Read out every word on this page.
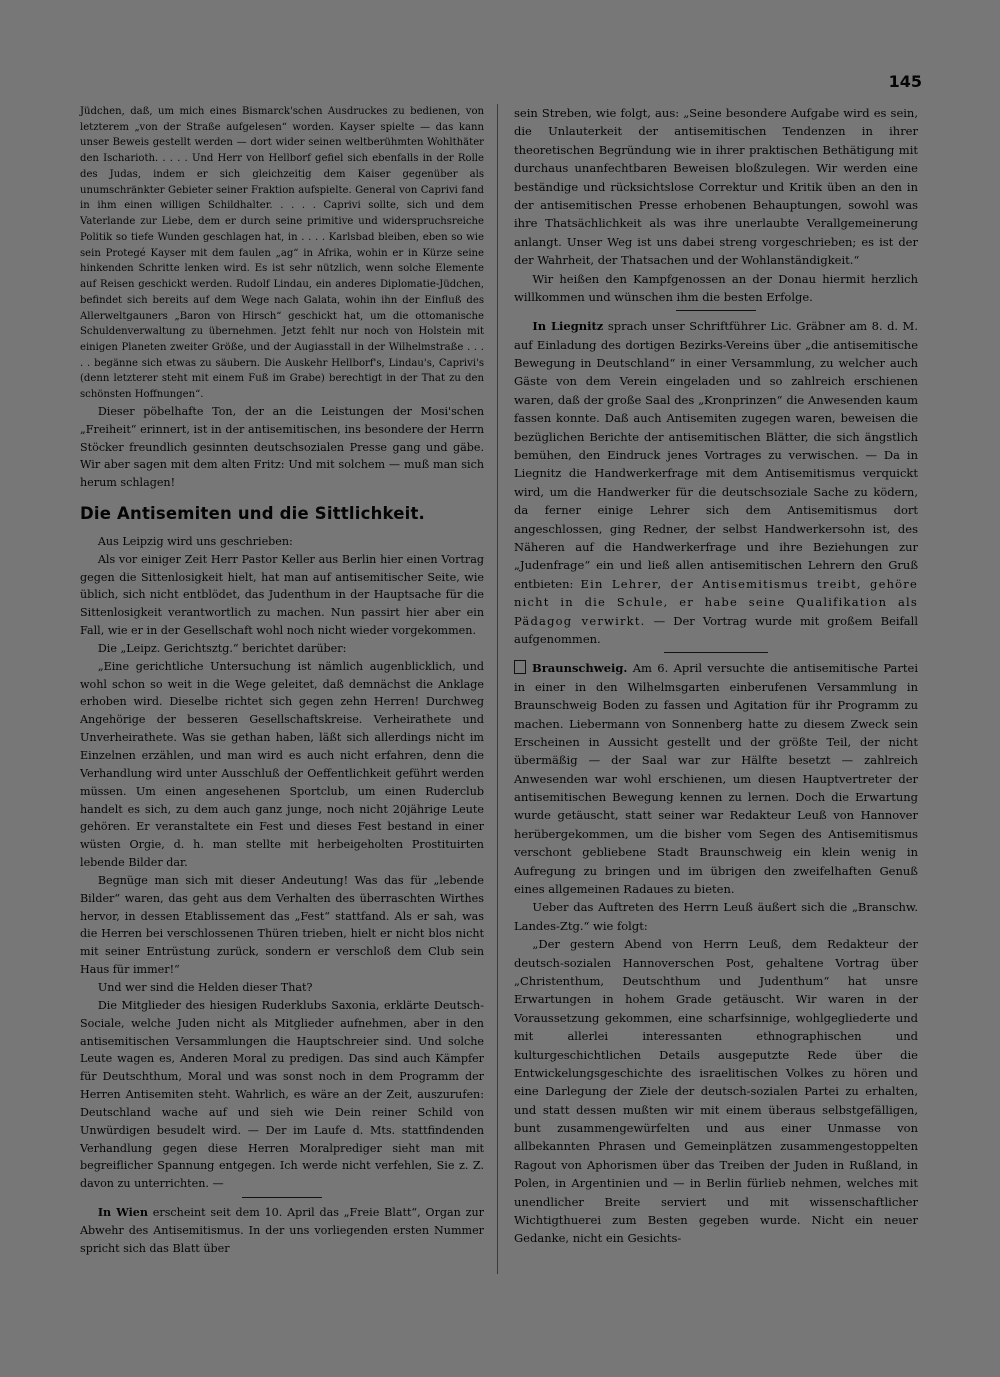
145

Jüdchen, daß, um mich eines Bismarck'schen Ausdruckes zu bedienen, von letzterem „von der Straße aufgelesen“ worden. Kayser spielte — das kann unser Beweis gestellt werden — dort wider seinen weltberühmten Wohlthäter den Ischarioth. . . . . Und Herr von Hellborf gefiel sich ebenfalls in der Rolle des Judas, indem er sich gleichzeitig dem Kaiser gegenüber als unumschränkter Gebieter seiner Fraktion aufspielte. General von Caprivi fand in ihm einen willigen Schildhalter. . . . . Caprivi sollte, sich und dem Vaterlande zur Liebe, dem er durch seine primitive und widerspruchsreiche Politik so tiefe Wunden geschlagen hat, in . . . . Karlsbad bleiben, eben so wie sein Protegé Kayser mit dem faulen „ag“ in Afrika, wohin er in Kürze seine hinkenden Schritte lenken wird. Es ist sehr nützlich, wenn solche Elemente auf Reisen geschickt werden. Rudolf Lindau, ein anderes Diplomatie-Jüdchen, befindet sich bereits auf dem Wege nach Galata, wohin ihn der Einfluß des Allerweltgauners „Baron von Hirsch“ geschickt hat, um die ottomanische Schuldenverwaltung zu übernehmen. Jetzt fehlt nur noch von Holstein mit einigen Planeten zweiter Größe, und der Augiasstall in der Wilhelmstraße . . . . . begänne sich etwas zu säubern. Die Auskehr Hellborf's, Lindau's, Caprivi's (denn letzterer steht mit einem Fuß im Grabe) berechtigt in der That zu den schönsten Hoffnungen“.

Dieser pöbelhafte Ton, der an die Leistungen der Mosi'schen „Freiheit“ erinnert, ist in der antisemitischen, ins besondere der Herrn Stöcker freundlich gesinnten deutschsozialen Presse gang und gäbe. Wir aber sagen mit dem alten Fritz: Und mit solchem — muß man sich herum schlagen!

Die Antisemiten und die Sittlichkeit.

Aus Leipzig wird uns geschrieben:

Als vor einiger Zeit Herr Pastor Keller aus Berlin hier einen Vortrag gegen die Sittenlosigkeit hielt, hat man auf antisemitischer Seite, wie üblich, sich nicht entblödet, das Judenthum in der Hauptsache für die Sittenlosigkeit verantwortlich zu machen. Nun passirt hier aber ein Fall, wie er in der Gesellschaft wohl noch nicht wieder vorgekommen.

Die „Leipz. Gerichtsztg.“ berichtet darüber:

„Eine gerichtliche Untersuchung ist nämlich augenblicklich, und wohl schon so weit in die Wege geleitet, daß demnächst die Anklage erhoben wird. Dieselbe richtet sich gegen zehn Herren! Durchweg Angehörige der besseren Gesellschaftskreise. Verheirathete und Unverheirathete. Was sie gethan haben, läßt sich allerdings nicht im Einzelnen erzählen, und man wird es auch nicht erfahren, denn die Verhandlung wird unter Ausschluß der Oeffentlichkeit geführt werden müssen. Um einen angesehenen Sportclub, um einen Ruderclub handelt es sich, zu dem auch ganz junge, noch nicht 20jährige Leute gehören. Er veranstaltete ein Fest und dieses Fest bestand in einer wüsten Orgie, d. h. man stellte mit herbeigeholten Prostituirten lebende Bilder dar.

Begnüge man sich mit dieser Andeutung! Was das für „lebende Bilder“ waren, das geht aus dem Verhalten des überraschten Wirthes hervor, in dessen Etablissement das „Fest“ stattfand. Als er sah, was die Herren bei verschlossenen Thüren trieben, hielt er nicht blos nicht mit seiner Entrüstung zurück, sondern er verschloß dem Club sein Haus für immer!“

Und wer sind die Helden dieser That?

Die Mitglieder des hiesigen Ruderklubs Saxonia, erklärte Deutsch-Sociale, welche Juden nicht als Mitglieder aufnehmen, aber in den antisemitischen Versammlungen die Hauptschreier sind. Und solche Leute wagen es, Anderen Moral zu predigen. Das sind auch Kämpfer für Deutschthum, Moral und was sonst noch in dem Programm der Herren Antisemiten steht. Wahrlich, es wäre an der Zeit, auszurufen: Deutschland wache auf und sieh wie Dein reiner Schild von Unwürdigen besudelt wird. — Der im Laufe d. Mts. stattfindenden Verhandlung gegen diese Herren Moralprediger sieht man mit begreiflicher Spannung entgegen. Ich werde nicht verfehlen, Sie z. Z. davon zu unterrichten. —

In Wien erscheint seit dem 10. April das „Freie Blatt“, Organ zur Abwehr des Antisemitismus. In der uns vorliegenden ersten Nummer spricht sich das Blatt über

sein Streben, wie folgt, aus: „Seine besondere Aufgabe wird es sein, die Unlauterkeit der antisemitischen Tendenzen in ihrer theoretischen Begründung wie in ihrer praktischen Bethätigung mit durchaus unanfechtbaren Beweisen bloßzulegen. Wir werden eine beständige und rücksichtslose Correktur und Kritik üben an den in der antisemitischen Presse erhobenen Behauptungen, sowohl was ihre Thatsächlichkeit als was ihre unerlaubte Verallgemeinerung anlangt. Unser Weg ist uns dabei streng vorgeschrieben; es ist der der Wahrheit, der Thatsachen und der Wohlanständigkeit.“

Wir heißen den Kampfgenossen an der Donau hiermit herzlich willkommen und wünschen ihm die besten Erfolge.

In Liegnitz sprach unser Schriftführer Lic. Gräbner am 8. d. M. auf Einladung des dortigen Bezirks-Vereins über „die antisemitische Bewegung in Deutschland“ in einer Versammlung, zu welcher auch Gäste von dem Verein eingeladen und so zahlreich erschienen waren, daß der große Saal des „Kronprinzen“ die Anwesenden kaum fassen konnte. Daß auch Antisemiten zugegen waren, beweisen die bezüglichen Berichte der antisemitischen Blätter, die sich ängstlich bemühen, den Eindruck jenes Vortrages zu verwischen. — Da in Liegnitz die Handwerkerfrage mit dem Antisemitismus verquickt wird, um die Handwerker für die deutschsoziale Sache zu ködern, da ferner einige Lehrer sich dem Antisemitismus dort angeschlossen, ging Redner, der selbst Handwerkersohn ist, des Näheren auf die Handwerkerfrage und ihre Beziehungen zur „Judenfrage“ ein und ließ allen antisemitischen Lehrern den Gruß entbieten: Ein Lehrer, der Antisemitismus treibt, gehöre nicht in die Schule, er habe seine Qualifikation als Pädagog verwirkt. — Der Vortrag wurde mit großem Beifall aufgenommen.

Braunschweig. Am 6. April versuchte die antisemitische Partei in einer in den Wilhelmsgarten einberufenen Versammlung in Braunschweig Boden zu fassen und Agitation für ihr Programm zu machen. Liebermann von Sonnenberg hatte zu diesem Zweck sein Erscheinen in Aussicht gestellt und der größte Teil, der nicht übermäßig — der Saal war zur Hälfte besetzt — zahlreich Anwesenden war wohl erschienen, um diesen Hauptvertreter der antisemitischen Bewegung kennen zu lernen. Doch die Erwartung wurde getäuscht, statt seiner war Redakteur Leuß von Hannover herübergekommen, um die bisher vom Segen des Antisemitismus verschont gebliebene Stadt Braunschweig ein klein wenig in Aufregung zu bringen und im übrigen den zweifelhaften Genuß eines allgemeinen Radaues zu bieten.

Ueber das Auftreten des Herrn Leuß äußert sich die „Branschw. Landes-Ztg.“ wie folgt:

„Der gestern Abend von Herrn Leuß, dem Redakteur der deutsch-sozialen Hannoverschen Post, gehaltene Vortrag über „Christenthum, Deutschthum und Judenthum“ hat unsre Erwartungen in hohem Grade getäuscht. Wir waren in der Voraussetzung gekommen, eine scharfsinnige, wohlgegliederte und mit allerlei interessanten ethnographischen und kulturgeschichtlichen Details ausgeputzte Rede über die Entwickelungsgeschichte des israelitischen Volkes zu hören und eine Darlegung der Ziele der deutsch-sozialen Partei zu erhalten, und statt dessen mußten wir mit einem überaus selbstgefälligen, bunt zusammengewürfelten und aus einer Unmasse von allbekannten Phrasen und Gemeinplätzen zusammengestoppelten Ragout von Aphorismen über das Treiben der Juden in Rußland, in Polen, in Argentinien und — in Berlin fürlieb nehmen, welches mit unendlicher Breite serviert und mit wissenschaftlicher Wichtigthuerei zum Besten gegeben wurde. Nicht ein neuer Gedanke, nicht ein Gesichts-
